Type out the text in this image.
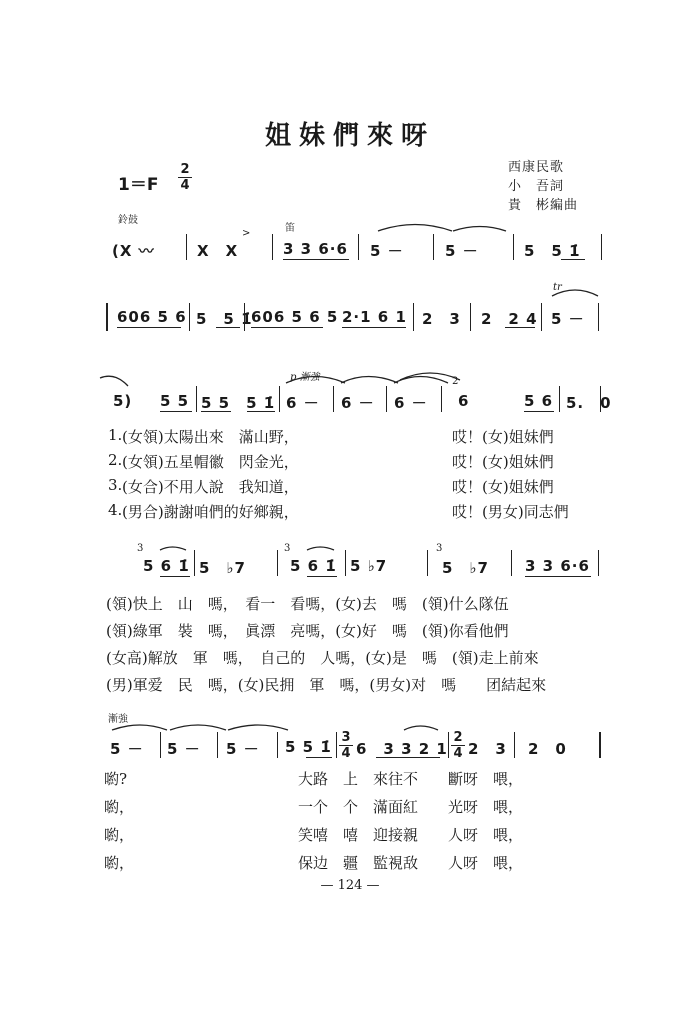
姐妹們來呀
1＝F
2
4
西康民歌
小　吾詞
貴　彬編曲
鈴鼓
笛
>
(X 〰	X　X	3 3 6·6 5 －	5 －	5　5 1̇
606 5 6 5　5 1̇
606 5 6 5 2·1 6 1 2　3 2　2 4
tr
5 －
p 漸強
5) 5 5 5 5　5 1̇ 6 － 6 － 6 －
2
6	5 6 5.　0
1. (女領)太陽出來　滿山野，	哎！(女)姐妹們
2. (女領)五星帽徽　閃金光，	哎！(女)姐妹們
3. (女合)不用人說　我知道，	哎！(女)姐妹們
4. (男合)謝謝咱們的好鄉親，	哎！(男女)同志們
3
5 6 1̇ 5　♭7
3
5 6 1̇ 5 ♭7
3
5　♭7 3 3 6·6
(領)快上　山　嗎，　看一　看嗎，(女)去　嗎　(領)什么隊伍
(領)綠軍　裝　嗎，　眞漂　亮嗎，(女)好　嗎　(領)你看他們
(女高)解放　軍　嗎，　自己的　人嗎，(女)是　嗎　(領)走上前來
(男)軍爱　民　嗎，(女)民拥　軍　嗎，(男女)对　嗎　　团結起來
漸強
5 － 5 － 5 － 5 5 1̇
3
4 6　3 3 2 1
2
4 2　3 2　0
喲?	大路　上　來往不　　斷呀　喂，
喲，	一个　个　滿面紅　　光呀　喂，
喲，	笑嘻　嘻　迎接親　　人呀　喂，
喲，	保边　疆　監視敌　　人呀　喂，
— 124 —
